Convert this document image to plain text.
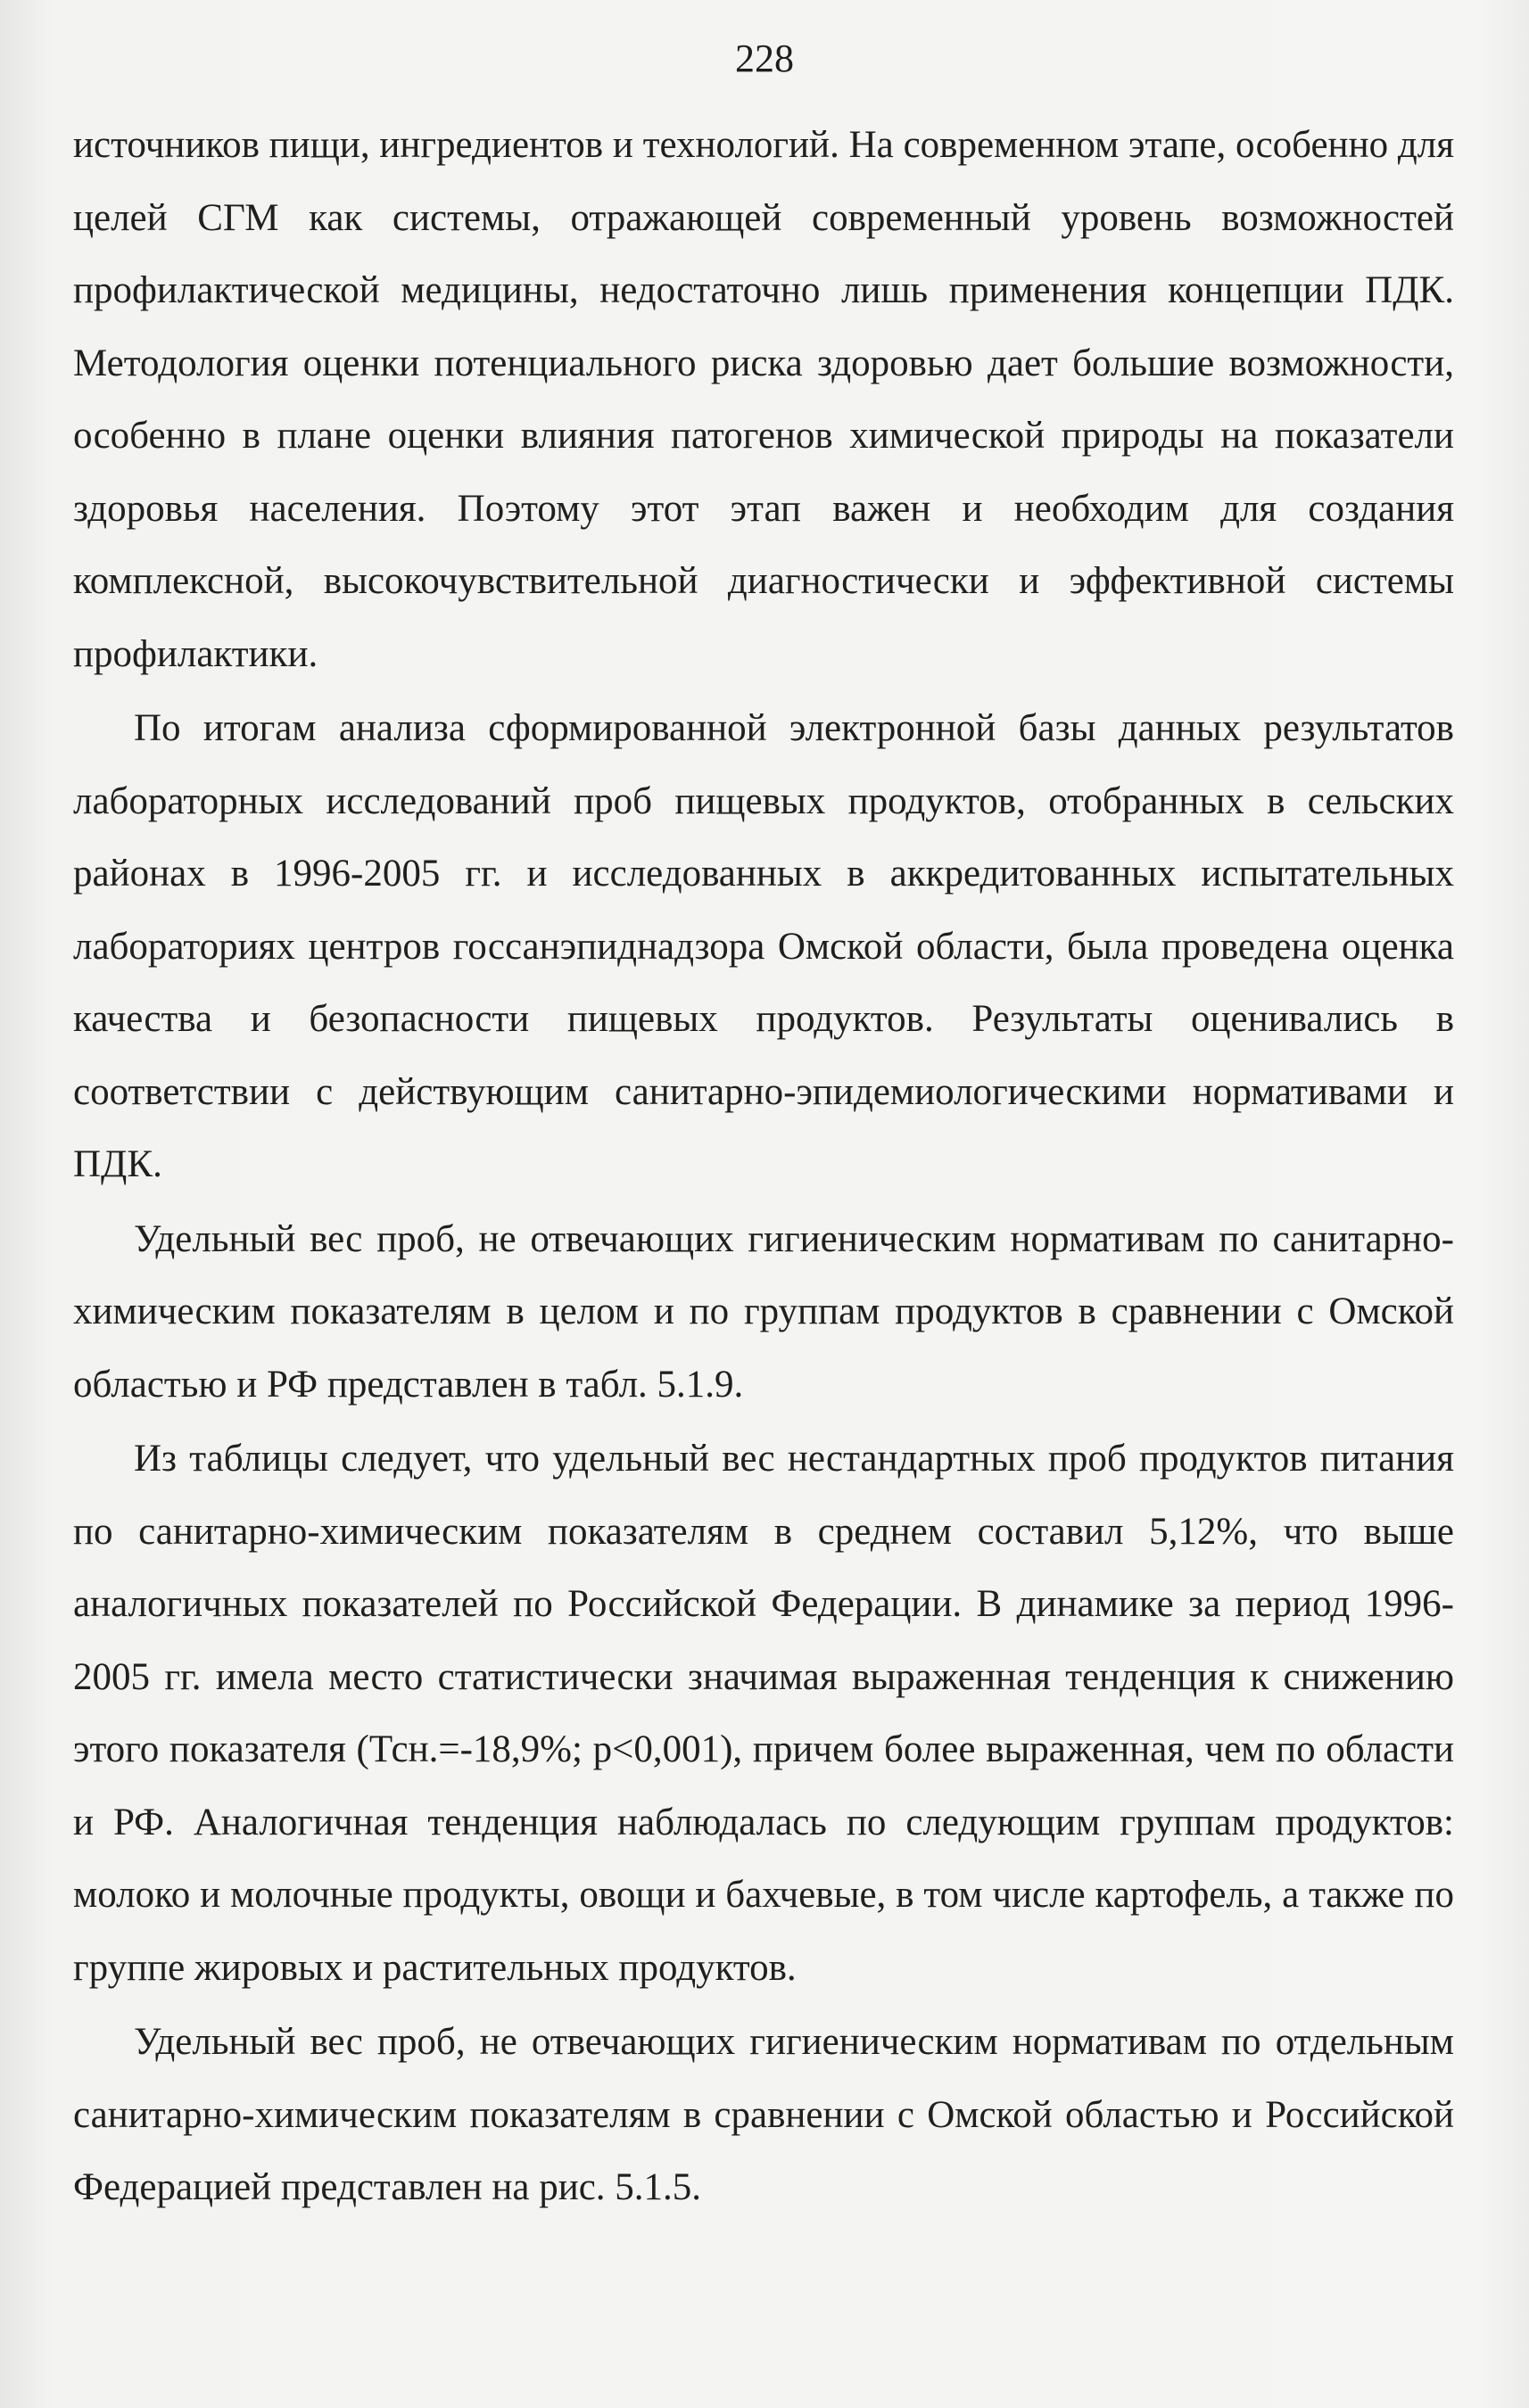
228

источников пищи, ингредиентов и технологий. На современном этапе, особенно для целей СГМ как системы, отражающей современный уровень возможностей профилактической медицины, недостаточно лишь применения концепции ПДК. Методология оценки потенциального риска здоровью дает большие возможности, особенно в плане оценки влияния патогенов химической природы на показатели здоровья населения. Поэтому этот этап важен и необходим для создания комплексной, высокочувствительной диагностически и эффективной системы профилактики.

По итогам анализа сформированной электронной базы данных результатов лабораторных исследований проб пищевых продуктов, отобранных в сельских районах в 1996-2005 гг. и исследованных в аккредитованных испытательных лабораториях центров госсанэпиднадзора Омской области, была проведена оценка качества и безопасности пищевых продуктов. Результаты оценивались в соответствии с действующим санитарно-эпидемиологическими нормативами и ПДК.

Удельный вес проб, не отвечающих гигиеническим нормативам по санитарно-химическим показателям в целом и по группам продуктов в сравнении с Омской областью и РФ представлен в табл. 5.1.9.

Из таблицы следует, что удельный вес нестандартных проб продуктов питания по санитарно-химическим показателям в среднем составил 5,12%, что выше аналогичных показателей по Российской Федерации. В динамике за период 1996-2005 гг. имела место статистически значимая выраженная тенденция к снижению этого показателя (Тсн.=-18,9%; р<0,001), причем более выраженная, чем по области и РФ. Аналогичная тенденция наблюдалась по следующим группам продуктов: молоко и молочные продукты, овощи и бахчевые, в том числе картофель, а также по группе жировых и растительных продуктов.

Удельный вес проб, не отвечающих гигиеническим нормативам по отдельным санитарно-химическим показателям в сравнении с Омской областью и Российской Федерацией представлен на рис. 5.1.5.
